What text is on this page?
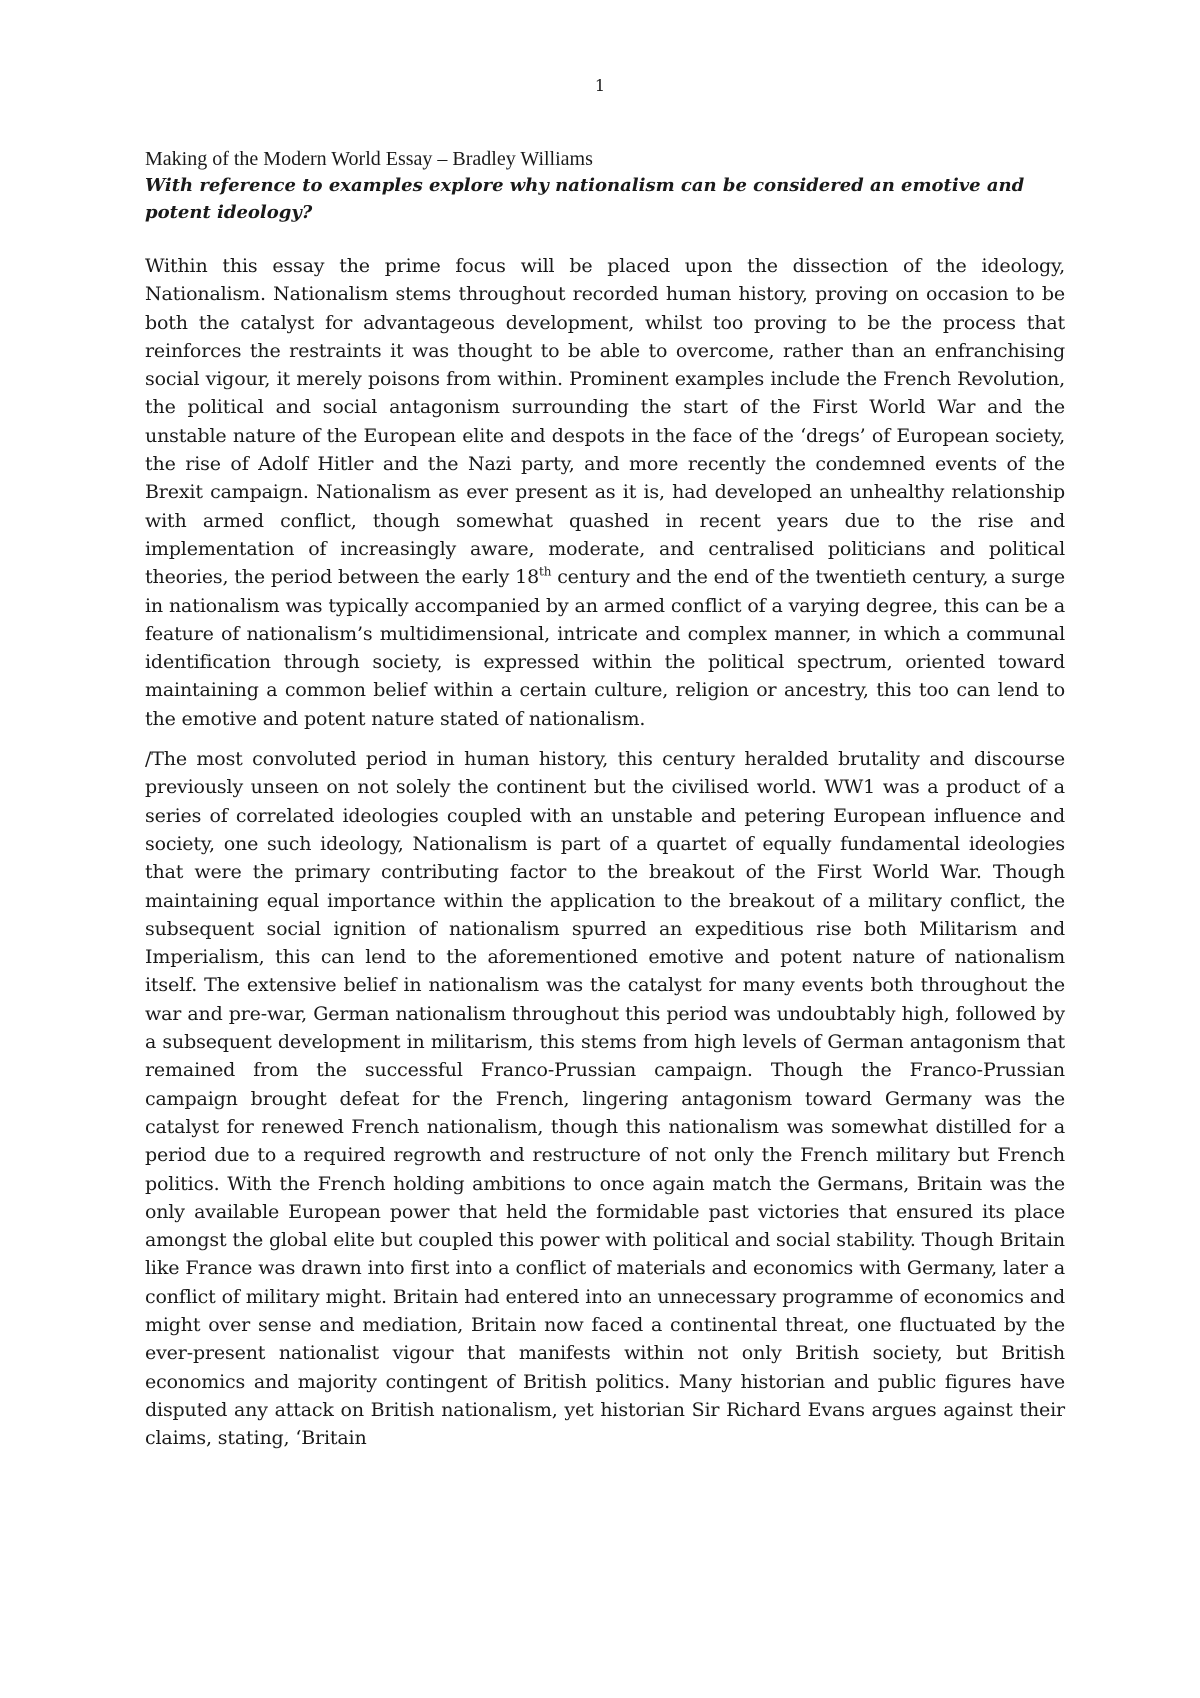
1

Making of the Modern World Essay – Bradley Williams

With reference to examples explore why nationalism can be considered an emotive and potent ideology?

Within this essay the prime focus will be placed upon the dissection of the ideology, Nationalism. Nationalism stems throughout recorded human history, proving on occasion to be both the catalyst for advantageous development, whilst too proving to be the process that reinforces the restraints it was thought to be able to overcome, rather than an enfranchising social vigour, it merely poisons from within. Prominent examples include the French Revolution, the political and social antagonism surrounding the start of the First World War and the unstable nature of the European elite and despots in the face of the ‘dregs’ of European society, the rise of Adolf Hitler and the Nazi party, and more recently the condemned events of the Brexit campaign. Nationalism as ever present as it is, had developed an unhealthy relationship with armed conflict, though somewhat quashed in recent years due to the rise and implementation of increasingly aware, moderate, and centralised politicians and political theories, the period between the early 18th century and the end of the twentieth century, a surge in nationalism was typically accompanied by an armed conflict of a varying degree, this can be a feature of nationalism’s multidimensional, intricate and complex manner, in which a communal identification through society, is expressed within the political spectrum, oriented toward maintaining a common belief within a certain culture, religion or ancestry, this too can lend to the emotive and potent nature stated of nationalism.

/The most convoluted period in human history, this century heralded brutality and discourse previously unseen on not solely the continent but the civilised world. WW1 was a product of a series of correlated ideologies coupled with an unstable and petering European influence and society, one such ideology, Nationalism is part of a quartet of equally fundamental ideologies that were the primary contributing factor to the breakout of the First World War. Though maintaining equal importance within the application to the breakout of a military conflict, the subsequent social ignition of nationalism spurred an expeditious rise both Militarism and Imperialism, this can lend to the aforementioned emotive and potent nature of nationalism itself. The extensive belief in nationalism was the catalyst for many events both throughout the war and pre-war, German nationalism throughout this period was undoubtably high, followed by a subsequent development in militarism, this stems from high levels of German antagonism that remained from the successful Franco-Prussian campaign. Though the Franco-Prussian campaign brought defeat for the French, lingering antagonism toward Germany was the catalyst for renewed French nationalism, though this nationalism was somewhat distilled for a period due to a required regrowth and restructure of not only the French military but French politics. With the French holding ambitions to once again match the Germans, Britain was the only available European power that held the formidable past victories that ensured its place amongst the global elite but coupled this power with political and social stability. Though Britain like France was drawn into first into a conflict of materials and economics with Germany, later a conflict of military might. Britain had entered into an unnecessary programme of economics and might over sense and mediation, Britain now faced a continental threat, one fluctuated by the ever-present nationalist vigour that manifests within not only British society, but British economics and majority contingent of British politics. Many historian and public figures have disputed any attack on British nationalism, yet historian Sir Richard Evans argues against their claims, stating, ‘Britain
